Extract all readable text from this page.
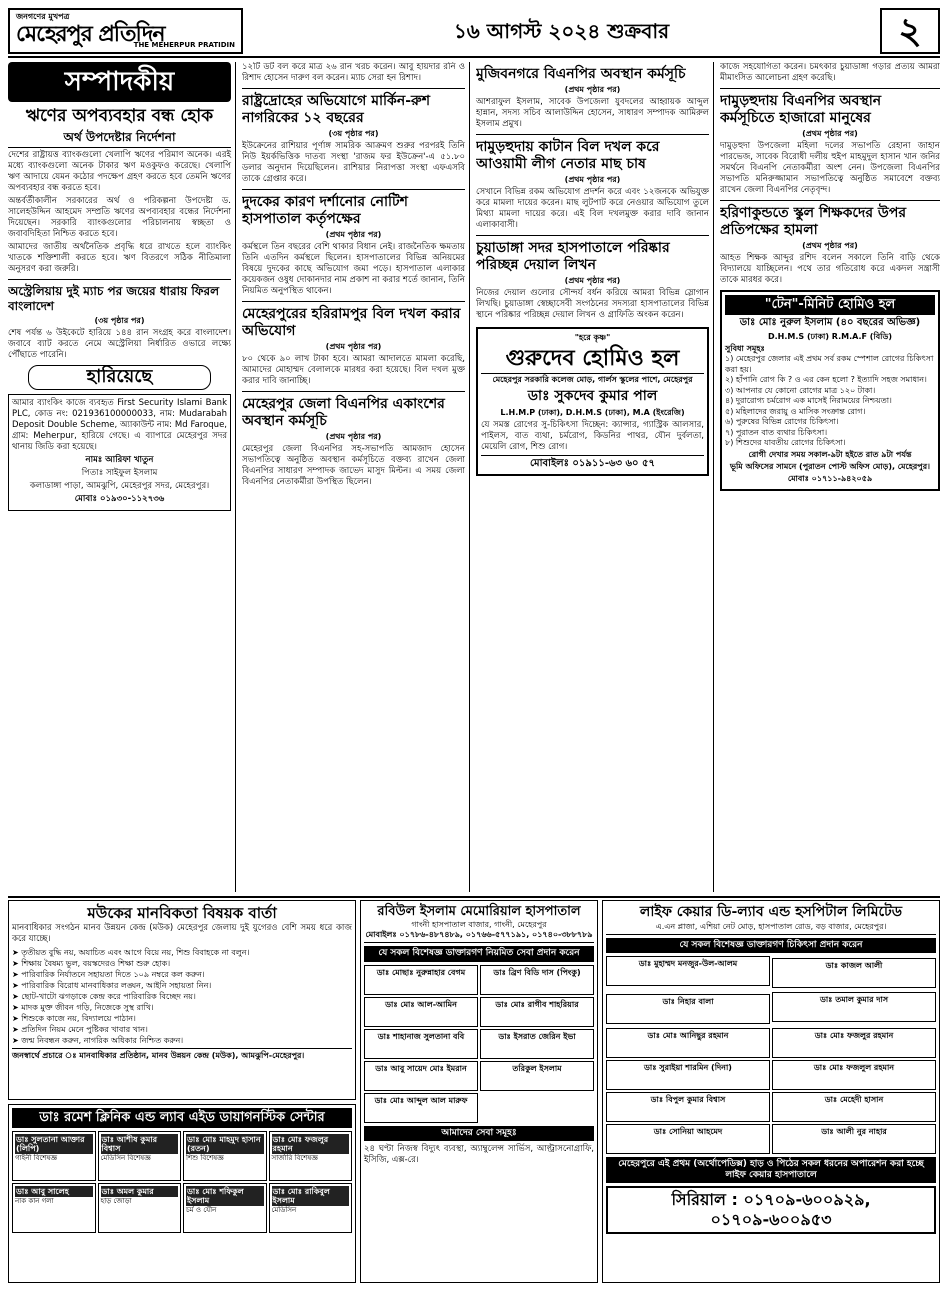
জনগণের মুখপত্র
মেহেরপুর প্রতিদিন
THE MEHERPUR PRATIDIN
১৬ আগস্ট ২০২৪ শুক্রবার	২
সম্পাদকীয়
ঋণের অপব্যবহার বন্ধ হোক
অর্থ উপদেষ্টার নির্দেশনা

দেশের রাষ্ট্রায়ত্ত ব্যাংকগুলো খেলাপি ঋণের পরিমাণ অনেক। এরই মধ্যে ব্যাংকগুলো অনেক টাকার ঋণ মওকুফও করেছে। খেলাপি ঋণ আদায়ে যেমন কঠোর পদক্ষেপ গ্রহণ করতে হবে তেমনি ঋণের অপব্যবহার বন্ধ করতে হবে।

অন্তর্বর্তীকালীন সরকারের অর্থ ও পরিকল্পনা উপদেষ্টা ড. সালেহউদ্দিন আহমেদ সম্প্রতি ঋণের অপব্যবহার বন্ধের নির্দেশনা দিয়েছেন। সরকারি ব্যাংকগুলোর পরিচালনায় স্বচ্ছতা ও জবাবদিহিতা নিশ্চিত করতে হবে।

আমাদের জাতীয় অর্থনৈতিক প্রবৃদ্ধি ধরে রাখতে হলে ব্যাংকিং খাতকে শক্তিশালী করতে হবে। ঋণ বিতরণে সঠিক নীতিমালা অনুসরণ করা জরুরি।

অস্ট্রেলিয়ায় দুই ম্যাচ পর জয়ের ধারায় ফিরল বাংলাদেশ
(৩য় পৃষ্ঠার পর)

শেষ পর্যন্ত ৬ উইকেটে হারিয়ে ১৪৪ রান সংগ্রহ করে বাংলাদেশ। জবাবে ব্যাট করতে নেমে অস্ট্রেলিয়া নির্ধারিত ওভারে লক্ষ্যে পৌঁছাতে পারেনি।

হারিয়েছে

আমার ব্যাংকিং কাজে ব্যবহৃত First Security Islami Bank PLC, কোড নং: 021936100000033, নাম: Mudarabah Deposit Double Scheme, অ্যাকাউন্ট নাম: Md Faroque, গ্রাম: Meherpur, হারিয়ে গেছে। এ ব্যাপারে মেহেরপুর সদর থানায় জিডি করা হয়েছে।

নামঃ আরিফা খাতুন

পিতাঃ সাইফুল ইসলাম

কলাডাঙ্গা পাড়া, আমঝুপি, মেহেরপুর সদর, মেহেরপুর।

মোবাঃ ০১৯৩০-১১২৭৩৬

১২টি ডট বল করে মাত্র ২৬ রান খরচ করেন। আবু হায়দার রনি ও রিশাদ হোসেন দারুণ বল করেন। ম্যাচ সেরা হন রিশাদ।

রাষ্ট্রদ্রোহের অভিযোগে মার্কিন-রুশ নাগরিকের ১২ বছরের
(৩য় পৃষ্ঠার পর)

ইউক্রেনের রাশিয়ার পূর্ণাঙ্গ সামরিক আক্রমণ শুরুর পরপরই তিনি নিউ ইয়র্কভিত্তিক দাতব্য সংস্থা 'রাজম ফর ইউক্রেন'-এ ৫১.৮০ ডলার অনুদান দিয়েছিলেন। রাশিয়ার নিরাপত্তা সংস্থা এফএসবি তাকে গ্রেপ্তার করে।

দুদকের কারণ দর্শানোর নোটিশ হাসপাতাল কর্তৃপক্ষের
(প্রথম পৃষ্ঠার পর)

কর্মস্থলে তিন বছরের বেশি থাকার বিধান নেই। রাজনৈতিক ক্ষমতায় তিনি এতদিন কর্মস্থলে ছিলেন। হাসপাতালের বিভিন্ন অনিয়মের বিষয়ে দুদকের কাছে অভিযোগ জমা পড়ে। হাসপাতাল এলাকার কয়েকজন ওষুধ দোকানদার নাম প্রকাশ না করার শর্তে জানান, তিনি নিয়মিত অনুপস্থিত থাকেন।

মেহেরপুরের হরিরামপুর বিল দখল করার অভিযোগ
(প্রথম পৃষ্ঠার পর)

৮০ থেকে ৯০ লাখ টাকা হবে। আমরা আদালতে মামলা করেছি, আমাদের মোহাম্মদ বেলালকে মারধর করা হয়েছে। বিল দখল মুক্ত করার দাবি জানাচ্ছি।

মেহেরপুর জেলা বিএনপির একাংশের অবস্থান কর্মসূচি
(প্রথম পৃষ্ঠার পর)

মেহেরপুর জেলা বিএনপির সহ-সভাপতি আমজাদ হোসেন সভাপতিত্বে অনুষ্ঠিত অবস্থান কর্মসূচিতে বক্তব্য রাখেন জেলা বিএনপির সাধারণ সম্পাদক জাভেদ মাসুদ মিল্টন। এ সময় জেলা বিএনপির নেতাকর্মীরা উপস্থিত ছিলেন।

মুজিবনগরে বিএনপির অবস্থান কর্মসূচি
(প্রথম পৃষ্ঠার পর)

আশরাফুল ইসলাম, সাবেক উপজেলা যুবদলের আহ্বায়ক আব্দুল হান্নান, সদস্য সচিব আলাউদ্দিন হোসেন, সাধারণ সম্পাদক আমিরুল ইসলাম প্রমুখ।

দামুড়হুদায় কাটান বিল দখল করে আওয়ামী লীগ নেতার মাছ চাষ
(প্রথম পৃষ্ঠার পর)

সেখানে বিভিন্ন রকম অভিযোগ প্রদর্শন করে এবং ১২জনকে অভিযুক্ত করে মামলা দায়ের করেন। মাছ লুটপাট করে নেওয়ার অভিযোগ তুলে মিথ্যা মামলা দায়ের করে। এই বিল দখলমুক্ত করার দাবি জানান এলাকাবাসী।

চুয়াডাঙ্গা সদর হাসপাতালে পরিষ্কার পরিচ্ছন্ন দেয়াল লিখন
(প্রথম পৃষ্ঠার পর)

নিজের দেয়াল গুলোর সৌন্দর্য বর্ধন করিয়ে আমরা বিভিন্ন স্লোগান লিখছি। চুয়াডাঙ্গা স্বেচ্ছাসেবী সংগঠনের সদস্যরা হাসপাতালের বিভিন্ন স্থানে পরিষ্কার পরিচ্ছন্ন দেয়াল লিখন ও গ্রাফিতি অংকন করেন।

"হরে কৃষ্ণ"
গুরুদেব হোমিও হল
মেহেরপুর সরকারি কলেজ মোড়, গার্লস স্কুলের পাশে, মেহেরপুর
ডাঃ সুকদেব কুমার পাল
L.H.M.P (ঢাকা), D.H.M.S (ঢাকা), M.A (ইংরেজি)

যে সমস্ত রোগের সু-চিকিৎসা দিচ্ছেন: ক্যান্সার, গ্যাস্ট্রিক আলসার, পাইলস, বাত ব্যথা, চর্মরোগ, কিডনির পাথর, যৌন দুর্বলতা, মেয়েলি রোগ, শিশু রোগ।

মোবাইলঃ ০১৯১১-৬৩ ৬০ ৫৭

কাজে সহযোগিতা করেন। চমৎকার চুয়াডাঙ্গা গড়ার প্রত্যয় আমরা মীমাংসিত আলোচনা গ্রহণ করেছি।

দামুড়হুদায় বিএনপির অবস্থান কর্মসূচিতে হাজারো মানুষের
(প্রথম পৃষ্ঠার পর)

দামুড়হুদা উপজেলা মহিলা দলের সভাপতি রেহানা জাহান পারভেজ, সাবেক বিরোধী দলীয় হুইপ মাহমুদুল হাসান খান জনির সমর্থনে বিএনপি নেতাকর্মীরা অংশ নেন। উপজেলা বিএনপির সভাপতি মনিরুজ্জামান সভাপতিত্বে অনুষ্ঠিত সমাবেশে বক্তব্য রাখেন জেলা বিএনপির নেতৃবৃন্দ।

হরিণাকুন্ডতে স্কুল শিক্ষকদের উপর প্রতিপক্ষের হামলা
(প্রথম পৃষ্ঠার পর)

আহত শিক্ষক আব্দুর রশিদ বলেন সকালে তিনি বাড়ি থেকে বিদ্যালয়ে যাচ্ছিলেন। পথে তার গতিরোধ করে একদল সন্ত্রাসী তাকে মারধর করে।

"টেন"-মিনিট হোমিও হল
ডাঃ মোঃ নুরুল ইসলাম (৪০ বছরের অভিজ্ঞ)
D.H.M.S (ঢাকা) R.M.A.F (বিডি)
সুবিধা সমূহঃ
১) মেহেরপুর জেলার এই প্রথম সর্ব রকম স্পেশাল রোগের চিকিৎসা করা হয়।
২) হাঁপানি রোগ কি ? ও এর কেন হলো ? ইত্যাদি সহজ সমাধান।
৩) আপনার যে কোনো রোগের মাত্র ১২০ টাকা।
৪) দুরারোগ্য চর্মরোগ এক মাসেই নিরাময়ের নিশ্চয়তা।
৫) মহিলাদের জরায়ু ও মাসিক সংক্রান্ত রোগ।
৬) পুরুষের বিভিন্ন রোগের চিকিৎসা।
৭) পুরাতন বাত ব্যথার চিকিৎসা।
৮) শিশুদের যাবতীয় রোগের চিকিৎসা।
রোগী দেখার সময় সকাল-৯টা হইতে রাত ৯টা পর্যন্ত
ভূমি অফিসের সামনে (পুরাতন পোস্ট অফিস মোড়), মেহেরপুর।
মোবাঃ ০১৭১১-৯৪২০৫৯
মউকের মানবিকতা বিষয়ক বার্তা

মানবাধিকার সংগঠন মানব উন্নয়ন কেন্দ্র (মউক) মেহেরপুর জেলায় দুই যুগেরও বেশি সময় ধরে কাজ করে যাচ্ছে।

➤ তৃতীয়ত বুদ্ধি নয়, অযাচিত এবং আগে বিয়ে নয়, শিশু বিবাহকে না বলুন।
➤ শিক্ষায় বৈষম্য ভুল, বয়স্কদেরও শিক্ষা শুরু হোক।
➤ পারিবারিক নির্যাতনে সহায়তা দিতে ১০৯ নম্বরে কল করুন।
➤ পারিবারিক বিরোধ মানবাধিকার লঙ্ঘন, আইনি সহায়তা নিন।
➤ ছোট-খাটো ঝগড়াকে কেন্দ্র করে পারিবারিক বিচ্ছেদ নয়।
➤ মাদক মুক্ত জীবন গড়ি, নিজেকে সুস্থ রাখি।
➤ শিশুকে কাজে নয়, বিদ্যালয়ে পাঠান।
➤ প্রতিদিন নিয়ম মেনে পুষ্টিকর খাবার খান।
➤ জন্ম নিবন্ধন করুন, নাগরিক অধিকার নিশ্চিত করুন।
জনস্বার্থে প্রচারে ঃ মানবাধিকার প্রতিষ্ঠান, মানব উন্নয়ন কেন্দ্র (মউক), আমঝুপি-মেহেরপুর।
ডাঃ রমেশ ক্লিনিক এন্ড ল্যাব এইড ডায়াগনস্টিক সেন্টার
ডাঃ সুলতানা আক্তার (লিপি)
গাইনী বিশেষজ্ঞ
ডাঃ আশীষ কুমার বিশ্বাস
মেডিসিন বিশেষজ্ঞ
ডাঃ মোঃ মাহমুদ হাসান (রতন)
শিশু বিশেষজ্ঞ
ডাঃ মোঃ ফজলুর রহমান
সার্জারি বিশেষজ্ঞ
ডাঃ আবু সালেহ
নাক কান গলা
ডাঃ অমল কুমার
হাড় জোড়া
ডাঃ মোঃ শফিকুল ইসলাম
চর্ম ও যৌন
ডাঃ মোঃ রাকিবুল ইসলাম
মেডিসিন
রবিউল ইসলাম মেমোরিয়াল হাসপাতাল
গাংনী হাসপাতাল বাজার, গাংনী, মেহেরপুর
মোবাইলঃ ০১৭৮৬-৪৮৭৪৮৯, ০১৭৬৬-৫৭৭১৯১, ০১৭৪০-৩৮৮৭৮৯
যে সকল বিশেষজ্ঞ ডাক্তারগণ নিয়মিত সেবা প্রদান করেন
ডাঃ মোছাঃ নুরুন্নাহার বেগম	ডাঃ ব্রিণ বিডি দাস (পিংকু)
ডাঃ মোঃ আল-আমিন	ডাঃ মোঃ রাগীব শাহরিয়ার
ডাঃ শাহানাজ সুলতানা ববি	ডাঃ ইসরাত জেরিন ইভা
ডাঃ আবু সায়েদ মোঃ ইমরান	তরিকুল ইসলাম
ডাঃ মোঃ আব্দুল আল মারুফ
আমাদের সেবা সমূহঃ

২৪ ঘণ্টা নিজস্ব বিদ্যুৎ ব্যবস্থা, অ্যাম্বুলেন্স সার্ভিস, আল্ট্রাসনোগ্রাফি, ইসিজি, এক্স-রে।

লাইফ কেয়ার ডি-ল্যাব এন্ড হসপিটাল লিমিটেড
এ.এন প্লাজা, এশিয়া নেট মোড়, হাসপাতাল রোড, বড় বাজার, মেহেরপুর।
যে সকল বিশেষজ্ঞ ডাক্তারগণ চিকিৎসা প্রদান করেন
ডাঃ মুহাম্মদ মনজুর-উল-আলম	ডাঃ কাজল আলী
ডাঃ নিহার বালা	ডাঃ তমাল কুমার দাস
ডাঃ মোঃ আনিছুর রহমান	ডাঃ মোঃ ফজলুর রহমান
ডাঃ সুরাইয়া শারমিন (দিনা)	ডাঃ মোঃ ফজলুল রহমান
ডাঃ বিপুল কুমার বিশ্বাস	ডাঃ মেহেদী হাসান
ডাঃ সোনিয়া আহমেদ	ডাঃ আলী নুর নাহার
মেহেরপুরে এই প্রথম (অর্থোপেডিক্স) হাড় ও পিঠের সকল ধরনের অপারেশন করা হচ্ছে লাইফ কেয়ার হাসপাতালে
সিরিয়াল : ০১৭০৯-৬০০৯২৯, ০১৭০৯-৬০০৯৫৩
